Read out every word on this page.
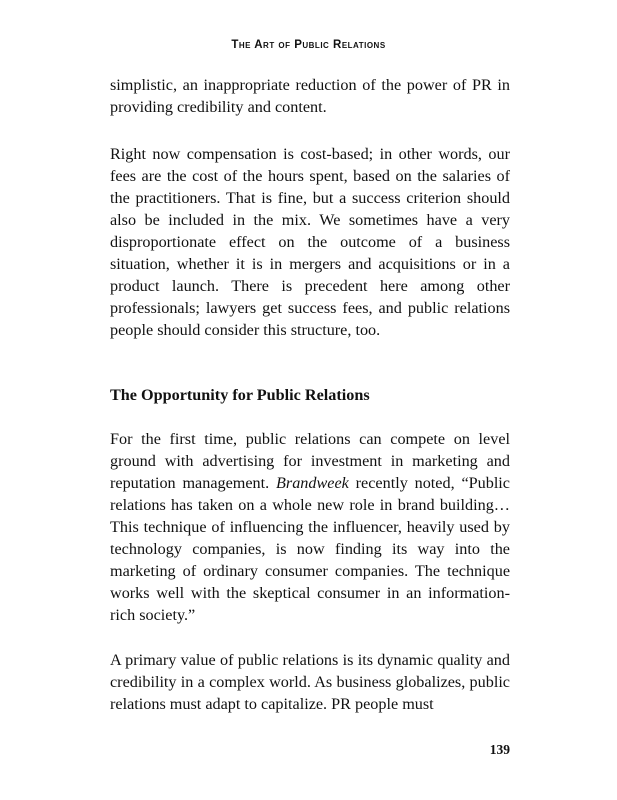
The Art of Public Relations

simplistic, an inappropriate reduction of the power of PR in providing credibility and content.

Right now compensation is cost-based; in other words, our fees are the cost of the hours spent, based on the salaries of the practitioners. That is fine, but a success criterion should also be included in the mix. We sometimes have a very disproportionate effect on the outcome of a business situation, whether it is in mergers and acquisitions or in a product launch. There is precedent here among other professionals; lawyers get success fees, and public relations people should consider this structure, too.

The Opportunity for Public Relations

For the first time, public relations can compete on level ground with advertising for investment in marketing and reputation management. Brandweek recently noted, “Public relations has taken on a whole new role in brand building… This technique of influencing the influencer, heavily used by technology companies, is now finding its way into the marketing of ordinary consumer companies. The technique works well with the skeptical consumer in an information-rich society.”

A primary value of public relations is its dynamic quality and credibility in a complex world. As business globalizes, public relations must adapt to capitalize. PR people must

139
